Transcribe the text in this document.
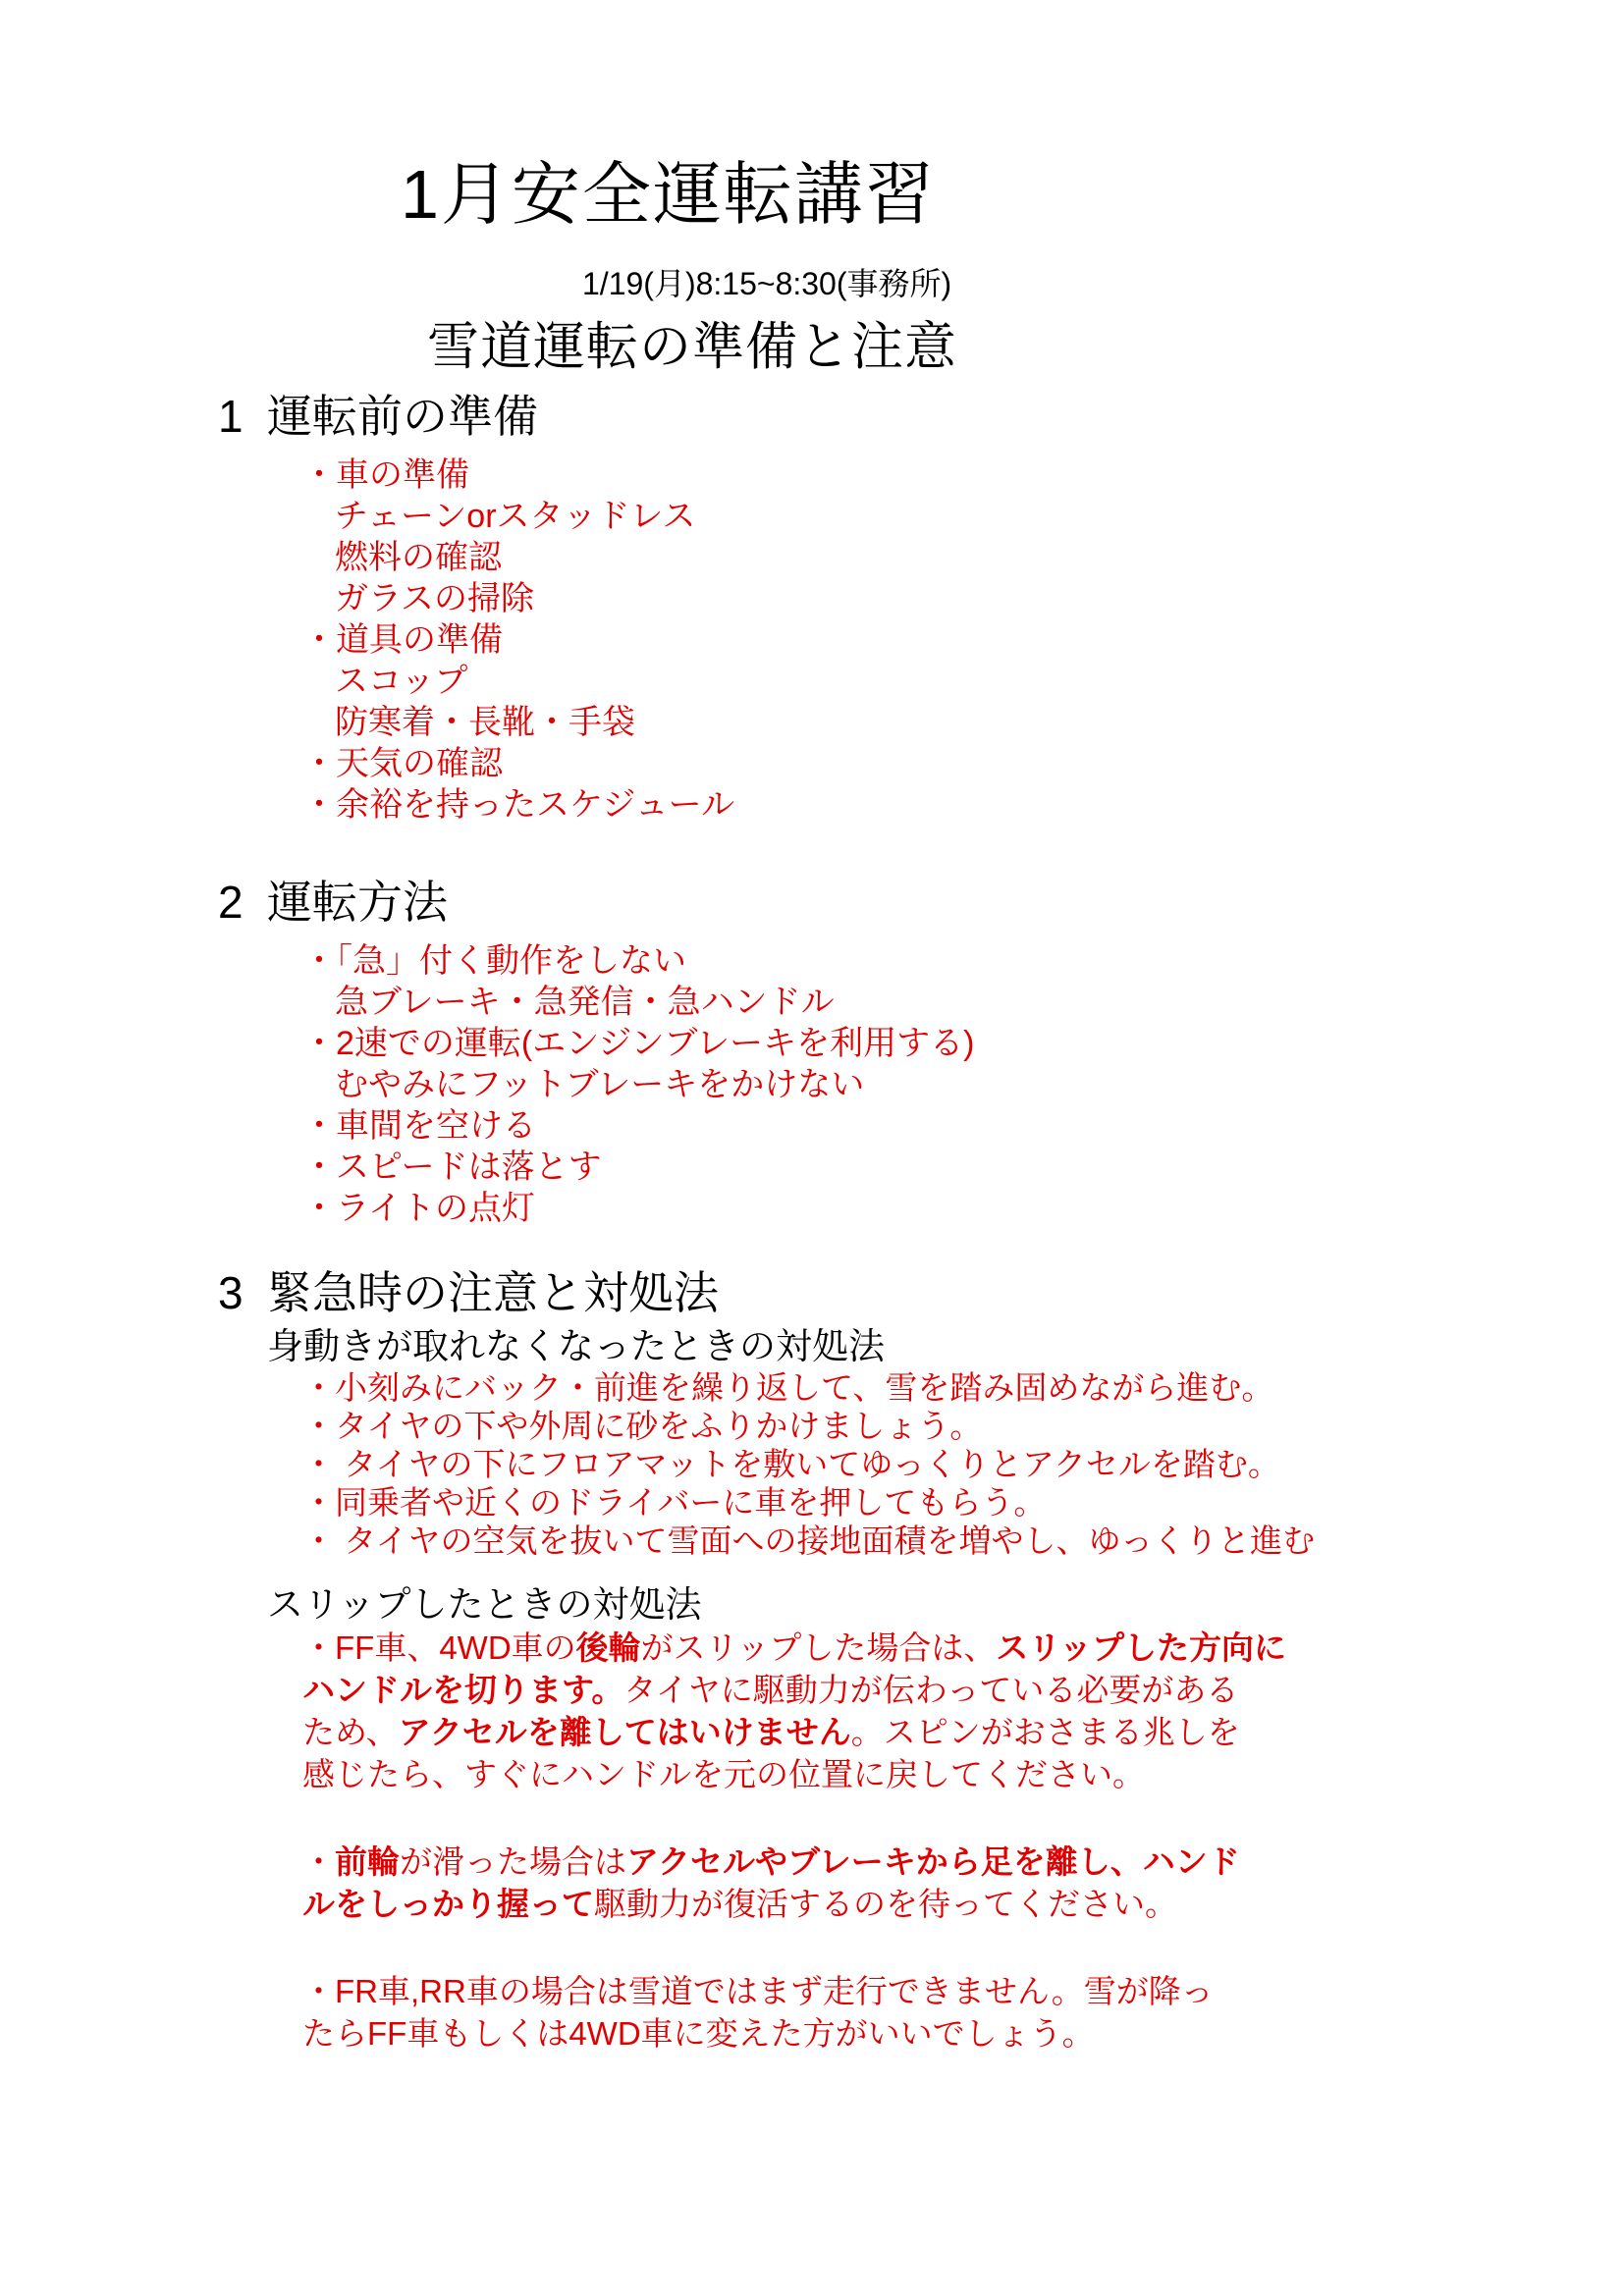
1月安全運転講習
1/19(月)8:15~8:30(事務所)
雪道運転の準備と注意
1 運転前の準備
・車の準備
チェーンorスタッドレス
燃料の確認
ガラスの掃除
・道具の準備
スコップ
防寒着・長靴・手袋
・天気の確認
・余裕を持ったスケジュール
2 運転方法
・「急」付く動作をしない
急ブレーキ・急発信・急ハンドル
・2速での運転(エンジンブレーキを利用する)
むやみにフットブレーキをかけない
・車間を空ける
・スピードは落とす
・ライトの点灯
3 緊急時の注意と対処法
身動きが取れなくなったときの対処法
・小刻みにバック・前進を繰り返して、雪を踏み固めながら進む。
・タイヤの下や外周に砂をふりかけましょう。
・ タイヤの下にフロアマットを敷いてゆっくりとアクセルを踏む。
・同乗者や近くのドライバーに車を押してもらう。
・ タイヤの空気を抜いて雪面への接地面積を増やし、ゆっくりと進む
スリップしたときの対処法
・FF車、4WD車の後輪がスリップした場合は、スリップした方向に
ハンドルを切ります。タイヤに駆動力が伝わっている必要がある
ため、アクセルを離してはいけません。スピンがおさまる兆しを
感じたら、すぐにハンドルを元の位置に戻してください。
・前輪が滑った場合はアクセルやブレーキから足を離し、ハンド
ルをしっかり握って駆動力が復活するのを待ってください。
・FR車,RR車の場合は雪道ではまず走行できません。雪が降っ
たらFF車もしくは4WD車に変えた方がいいでしょう。
